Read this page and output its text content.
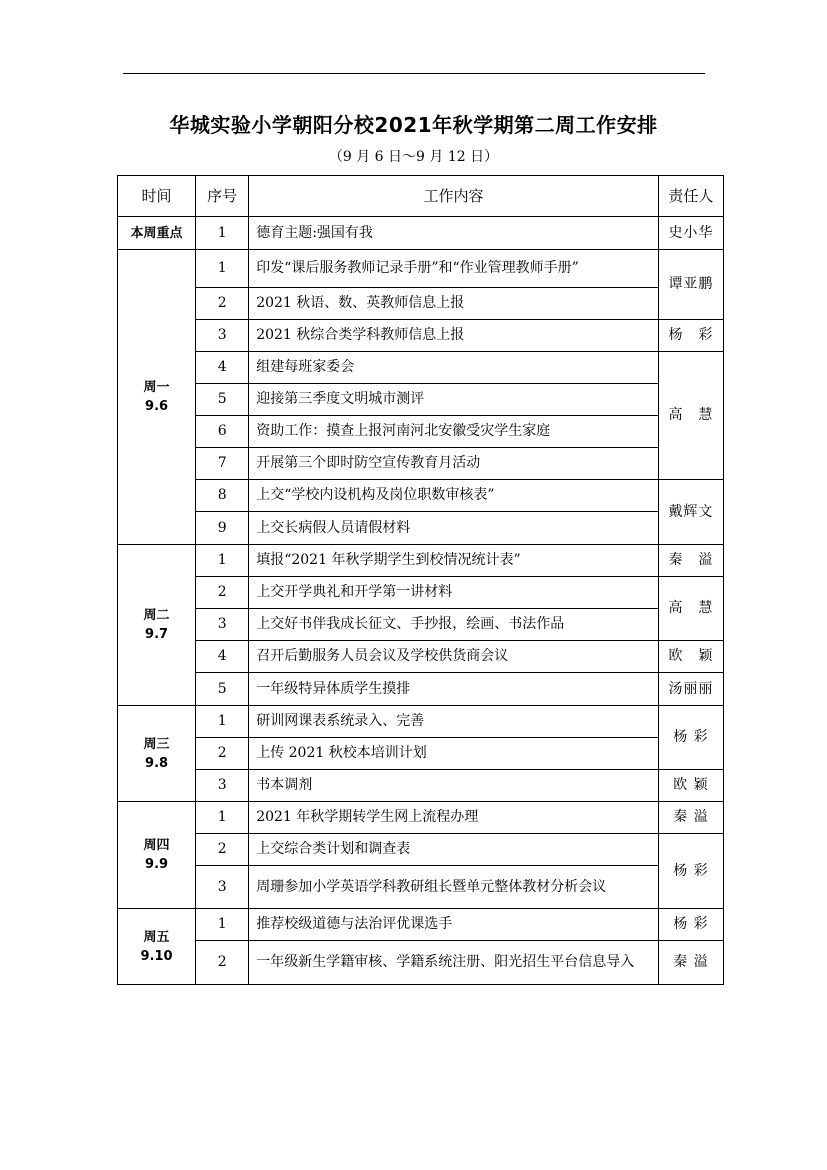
华城实验小学朝阳分校2021年秋学期第二周工作安排
（9 月 6 日～9 月 12 日）
时间	序号	工作内容	责任人
本周重点	1	德育主题:强国有我	史小华

周一
9.6	1	印发“课后服务教师记录手册”和“作业管理教师手册”	谭亚鹏
	2	2021 秋语、数、英教师信息上报	
	3	2021 秋综合类学科教师信息上报	杨　彩
	4	组建每班家委会	高　慧
	5	迎接第三季度文明城市测评	
	6	资助工作：摸查上报河南河北安徽受灾学生家庭	
	7	开展第三个即时防空宣传教育月活动	
	8	上交“学校内设机构及岗位职数审核表”	戴辉文
	9	上交长病假人员请假材料	

周二
9.7	1	填报“2021 年秋学期学生到校情况统计表”	秦　溢
	2	上交开学典礼和开学第一讲材料	高　慧
	3	上交好书伴我成长征文、手抄报，绘画、书法作品	
	4	召开后勤服务人员会议及学校供货商会议	欧　颖
	5	一年级特异体质学生摸排	汤丽丽

周三
9.8	1	研训网课表系统录入、完善	杨 彩
	2	上传 2021 秋校本培训计划	
	3	书本调剂	欧 颖

周四
9.9	1	2021 年秋学期转学生网上流程办理	秦 溢
	2	上交综合类计划和调查表	杨 彩
	3	周珊参加小学英语学科教研组长暨单元整体教材分析会议	

周五
9.10	1	推荐校级道德与法治评优课选手	杨 彩
	2	一年级新生学籍审核、学籍系统注册、阳光招生平台信息导入	秦 溢
